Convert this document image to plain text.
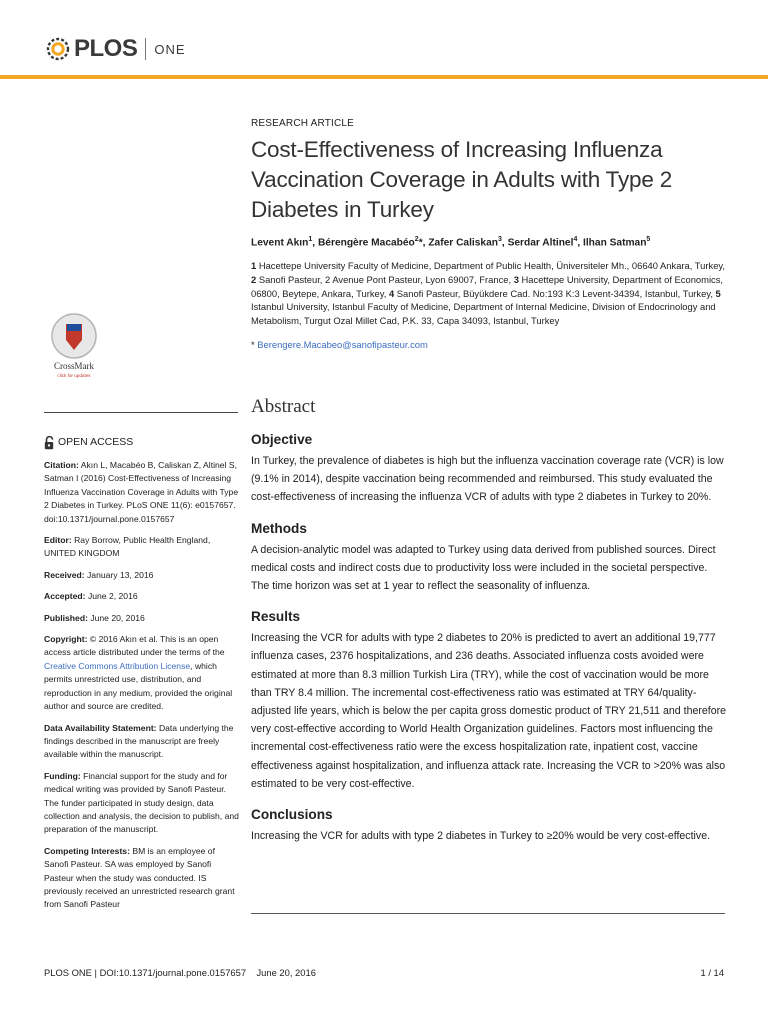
PLOS ONE
CrossMark
click for updates
OPEN ACCESS

Citation: Akın L, Macabéo B, Caliskan Z, Altinel S, Satman I (2016) Cost-Effectiveness of Increasing Influenza Vaccination Coverage in Adults with Type 2 Diabetes in Turkey. PLoS ONE 11(6): e0157657. doi:10.1371/journal.pone.0157657

Editor: Ray Borrow, Public Health England, UNITED KINGDOM

Received: January 13, 2016

Accepted: June 2, 2016

Published: June 20, 2016

Copyright: © 2016 Akın et al. This is an open access article distributed under the terms of the Creative Commons Attribution License, which permits unrestricted use, distribution, and reproduction in any medium, provided the original author and source are credited.

Data Availability Statement: Data underlying the findings described in the manuscript are freely available within the manuscript.

Funding: Financial support for the study and for medical writing was provided by Sanofi Pasteur. The funder participated in study design, data collection and analysis, the decision to publish, and preparation of the manuscript.

Competing Interests: BM is an employee of Sanofi Pasteur. SA was employed by Sanofi Pasteur when the study was conducted. IS previously received an unrestricted research grant from Sanofi Pasteur

RESEARCH ARTICLE
Cost-Effectiveness of Increasing Influenza Vaccination Coverage in Adults with Type 2 Diabetes in Turkey
Levent Akın$^1$, Bérengère Macabéo$^2$*, Zafer Caliskan$^3$, Serdar Altinel$^4$, Ilhan Satman$^5$
1 Hacettepe University Faculty of Medicine, Department of Public Health, Üniversiteler Mh., 06640 Ankara, Turkey, 2 Sanofi Pasteur, 2 Avenue Pont Pasteur, Lyon 69007, France, 3 Hacettepe University, Department of Economics, 06800, Beytepe, Ankara, Turkey, 4 Sanofi Pasteur, Büyükdere Cad. No:193 K:3 Levent-34394, Istanbul, Turkey, 5 Istanbul University, Istanbul Faculty of Medicine, Department of Internal Medicine, Division of Endocrinology and Metabolism, Turgut Ozal Millet Cad, P.K. 33, Capa 34093, Istanbul, Turkey
* Berengere.Macabeo@sanofipasteur.com
Abstract
Objective

In Turkey, the prevalence of diabetes is high but the influenza vaccination coverage rate (VCR) is low (9.1% in 2014), despite vaccination being recommended and reimbursed. This study evaluated the cost-effectiveness of increasing the influenza VCR of adults with type 2 diabetes in Turkey to 20%.

Methods

A decision-analytic model was adapted to Turkey using data derived from published sources. Direct medical costs and indirect costs due to productivity loss were included in the societal perspective. The time horizon was set at 1 year to reflect the seasonality of influenza.

Results

Increasing the VCR for adults with type 2 diabetes to 20% is predicted to avert an additional 19,777 influenza cases, 2376 hospitalizations, and 236 deaths. Associated influenza costs avoided were estimated at more than 8.3 million Turkish Lira (TRY), while the cost of vaccination would be more than TRY 8.4 million. The incremental cost-effectiveness ratio was estimated at TRY 64/quality-adjusted life years, which is below the per capita gross domestic product of TRY 21,511 and therefore very cost-effective according to World Health Organization guidelines. Factors most influencing the incremental cost-effectiveness ratio were the excess hospitalization rate, inpatient cost, vaccine effectiveness against hospitalization, and influenza attack rate. Increasing the VCR to >20% was also estimated to be very cost-effective.

Conclusions

Increasing the VCR for adults with type 2 diabetes in Turkey to ≥20% would be very cost-effective.

PLOS ONE | DOI:10.1371/journal.pone.0157657 June 20, 2016	1 / 14
